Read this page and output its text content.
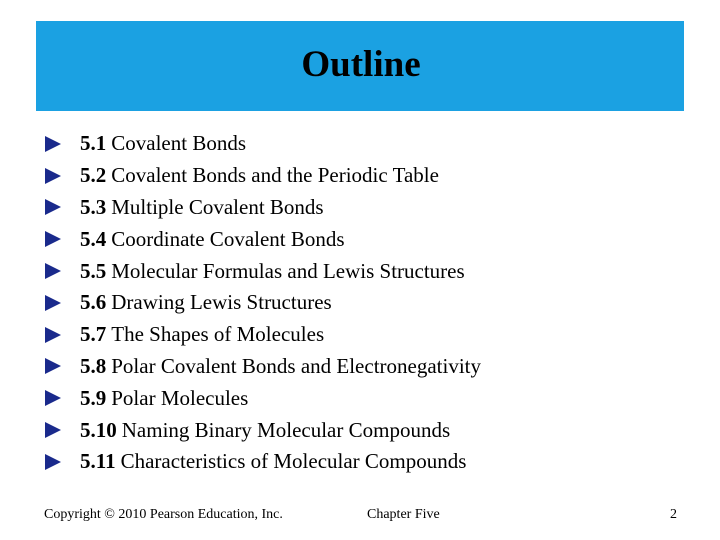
Outline
5.1 Covalent Bonds
5.2 Covalent Bonds and the Periodic Table
5.3 Multiple Covalent Bonds
5.4 Coordinate Covalent Bonds
5.5 Molecular Formulas and Lewis Structures
5.6 Drawing Lewis Structures
5.7 The Shapes of Molecules
5.8 Polar Covalent Bonds and Electronegativity
5.9 Polar Molecules
5.10 Naming Binary Molecular Compounds
5.11 Characteristics of Molecular Compounds
Copyright © 2010 Pearson Education, Inc.	Chapter Five	2
